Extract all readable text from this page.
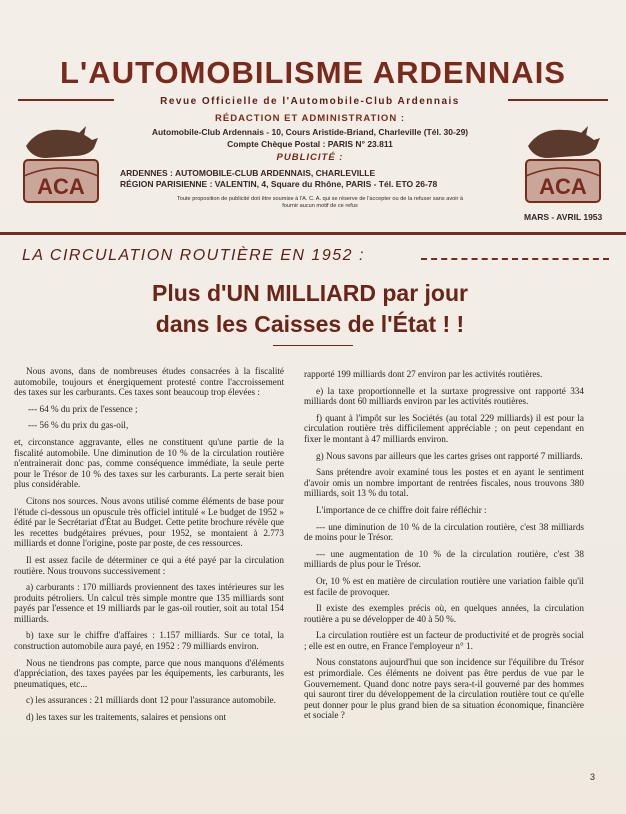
L'AUTOMOBILISME ARDENNAIS
Revue Officielle de l'Automobile-Club Ardennais
RÉDACTION ET ADMINISTRATION :
Automobile-Club Ardennais - 10, Cours Aristide-Briand, Charleville (Tél. 30-29)
Compte Chèque Postal : PARIS N° 23.811
PUBLICITÉ :
ARDENNES : AUTOMOBILE-CLUB ARDENNAIS, CHARLEVILLE
RÉGION PARISIENNE : VALENTIN, 4, Square du Rhône, PARIS - Tél. ETO 26-78
Toute proposition de publicité doit être soumise à l'A. C. A. qui se réserve de l'accepter ou de la refuser sans avoir à fournir aucun motif de ce refus
ACA	ACA
MARS - AVRIL 1953
LA CIRCULATION ROUTIÈRE EN 1952 :
Plus d'UN MILLIARD par jour
dans les Caisses de l'État ! !

Nous avons, dans de nombreuses études consacrées à la fiscalité automobile, toujours et énergiquement protesté contre l'accroissement des taxes sur les carburants. Ces taxes sont beaucoup trop élevées :

--- 64 % du prix de l'essence ;

--- 56 % du prix du gas-oil,

et, circonstance aggravante, elles ne constituent qu'une partie de la fiscalité automobile. Une diminution de 10 % de la circulation routière n'entrainerait donc pas, comme conséquence immédiate, la seule perte pour le Trésor de 10 % des taxes sur les carburants. La perte serait bien plus considérable.

Citons nos sources. Nous avons utilisé comme éléments de base pour l'étude ci-dessous un opuscule très officiel intitulé « Le budget de 1952 » édité par le Secrétariat d'État au Budget. Cette petite brochure révèle que les recettes budgétaires prévues, pour 1952, se montaient à 2.773 milliards et donne l'origine, poste par poste, de ces ressources.

Il est assez facile de déterminer ce qui a été payé par la circulation routière. Nous trouvons successivement :

a) carburants : 170 milliards proviennent des taxes intérieures sur les produits pétroliers. Un calcul très simple montre que 135 milliards sont payés par l'essence et 19 milliards par le gas-oil routier, soit au total 154 milliards.

b) taxe sur le chiffre d'affaires : 1.157 milliards. Sur ce total, la construction automobile aura payé, en 1952 : 79 milliards environ.

Nous ne tiendrons pas compte, parce que nous manquons d'éléments d'appréciation, des taxes payées par les équipements, les carburants, les pneumatiques, etc...

c) les assurances : 21 milliards dont 12 pour l'assurance automobile.

d) les taxes sur les traitements, salaires et pensions ont

rapporté 199 milliards dont 27 environ par les activités routières.

e) la taxe proportionnelle et la surtaxe progressive ont rapporté 334 milliards dont 60 milliards environ par les activités routières.

f) quant à l'impôt sur les Sociétés (au total 229 milliards) il est pour la circulation routière très difficilement appréciable ; on peut cependant en fixer le montant à 47 milliards environ.

g) Nous savons par ailleurs que les cartes grises ont rapporté 7 milliards.

Sans prétendre avoir examiné tous les postes et en ayant le sentiment d'avoir omis un nombre important de rentrées fiscales, nous trouvons 380 milliards, soit 13 % du total.

L'importance de ce chiffre doit faire réfléchir :

--- une diminution de 10 % de la circulation routière, c'est 38 milliards de moins pour le Trésor.

--- une augmentation de 10 % de la circulation routière, c'est 38 milliards de plus pour le Trésor.

Or, 10 % est en matière de circulation routière une variation faible qu'il est facile de provoquer.

Il existe des exemples précis où, en quelques années, la circulation routière a pu se développer de 40 à 50 %.

La circulation routière est un facteur de productivité et de progrès social ; elle est en outre, en France l'employeur n° 1.

Nous constatons aujourd'hui que son incidence sur l'équilibre du Trésor est primordiale. Ces éléments ne doivent pas être perdus de vue par le Gouvernement. Quand donc notre pays sera-t-il gouverné par des hommes qui sauront tirer du développement de la circulation routière tout ce qu'elle peut donner pour le plus grand bien de sa situation économique, financière et sociale ?

3
